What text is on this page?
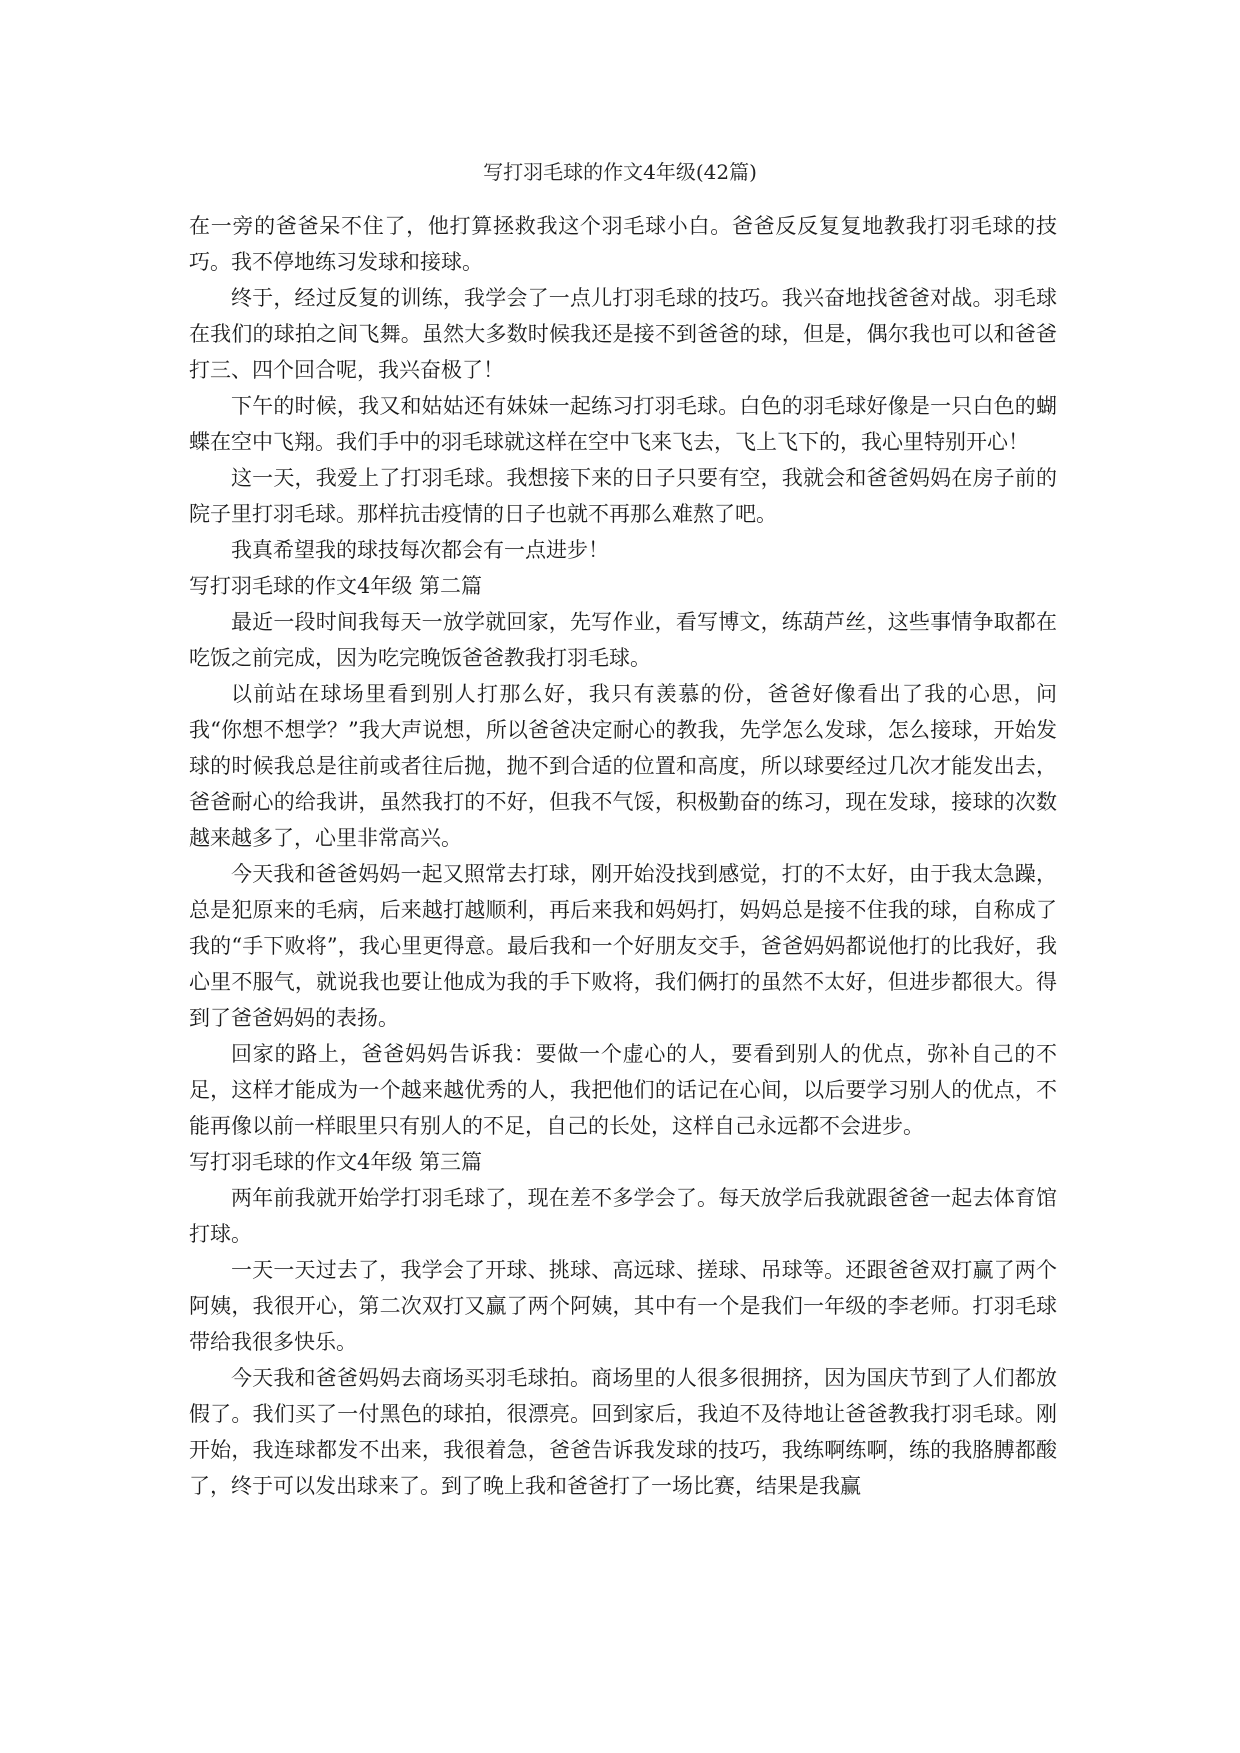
写打羽毛球的作文4年级(42篇)

在一旁的爸爸呆不住了，他打算拯救我这个羽毛球小白。爸爸反反复复地教我打羽毛球的技巧。我不停地练习发球和接球。

终于，经过反复的训练，我学会了一点儿打羽毛球的技巧。我兴奋地找爸爸对战。羽毛球在我们的球拍之间飞舞。虽然大多数时候我还是接不到爸爸的球，但是，偶尔我也可以和爸爸打三、四个回合呢，我兴奋极了！

下午的时候，我又和姑姑还有妹妹一起练习打羽毛球。白色的羽毛球好像是一只白色的蝴蝶在空中飞翔。我们手中的羽毛球就这样在空中飞来飞去，飞上飞下的，我心里特别开心！

这一天，我爱上了打羽毛球。我想接下来的日子只要有空，我就会和爸爸妈妈在房子前的院子里打羽毛球。那样抗击疫情的日子也就不再那么难熬了吧。

我真希望我的球技每次都会有一点进步！

写打羽毛球的作文4年级 第二篇

最近一段时间我每天一放学就回家，先写作业，看写博文，练葫芦丝，这些事情争取都在吃饭之前完成，因为吃完晚饭爸爸教我打羽毛球。

以前站在球场里看到别人打那么好，我只有羡慕的份，爸爸好像看出了我的心思，问我“你想不想学？”我大声说想，所以爸爸决定耐心的教我，先学怎么发球，怎么接球，开始发球的时候我总是往前或者往后抛，抛不到合适的位置和高度，所以球要经过几次才能发出去，爸爸耐心的给我讲，虽然我打的不好，但我不气馁，积极勤奋的练习，现在发球，接球的次数越来越多了，心里非常高兴。

今天我和爸爸妈妈一起又照常去打球，刚开始没找到感觉，打的不太好，由于我太急躁，总是犯原来的毛病，后来越打越顺利，再后来我和妈妈打，妈妈总是接不住我的球，自称成了我的“手下败将”，我心里更得意。最后我和一个好朋友交手，爸爸妈妈都说他打的比我好，我心里不服气，就说我也要让他成为我的手下败将，我们俩打的虽然不太好，但进步都很大。得到了爸爸妈妈的表扬。

回家的路上，爸爸妈妈告诉我：要做一个虚心的人，要看到别人的优点，弥补自己的不足，这样才能成为一个越来越优秀的人，我把他们的话记在心间，以后要学习别人的优点，不能再像以前一样眼里只有别人的不足，自己的长处，这样自己永远都不会进步。

写打羽毛球的作文4年级 第三篇

两年前我就开始学打羽毛球了，现在差不多学会了。每天放学后我就跟爸爸一起去体育馆打球。

一天一天过去了，我学会了开球、挑球、高远球、搓球、吊球等。还跟爸爸双打赢了两个阿姨，我很开心，第二次双打又赢了两个阿姨，其中有一个是我们一年级的李老师。打羽毛球带给我很多快乐。

今天我和爸爸妈妈去商场买羽毛球拍。商场里的人很多很拥挤，因为国庆节到了人们都放假了。我们买了一付黑色的球拍，很漂亮。回到家后，我迫不及待地让爸爸教我打羽毛球。刚开始，我连球都发不出来，我很着急，爸爸告诉我发球的技巧，我练啊练啊，练的我胳膊都酸了，终于可以发出球来了。到了晚上我和爸爸打了一场比赛，结果是我赢
